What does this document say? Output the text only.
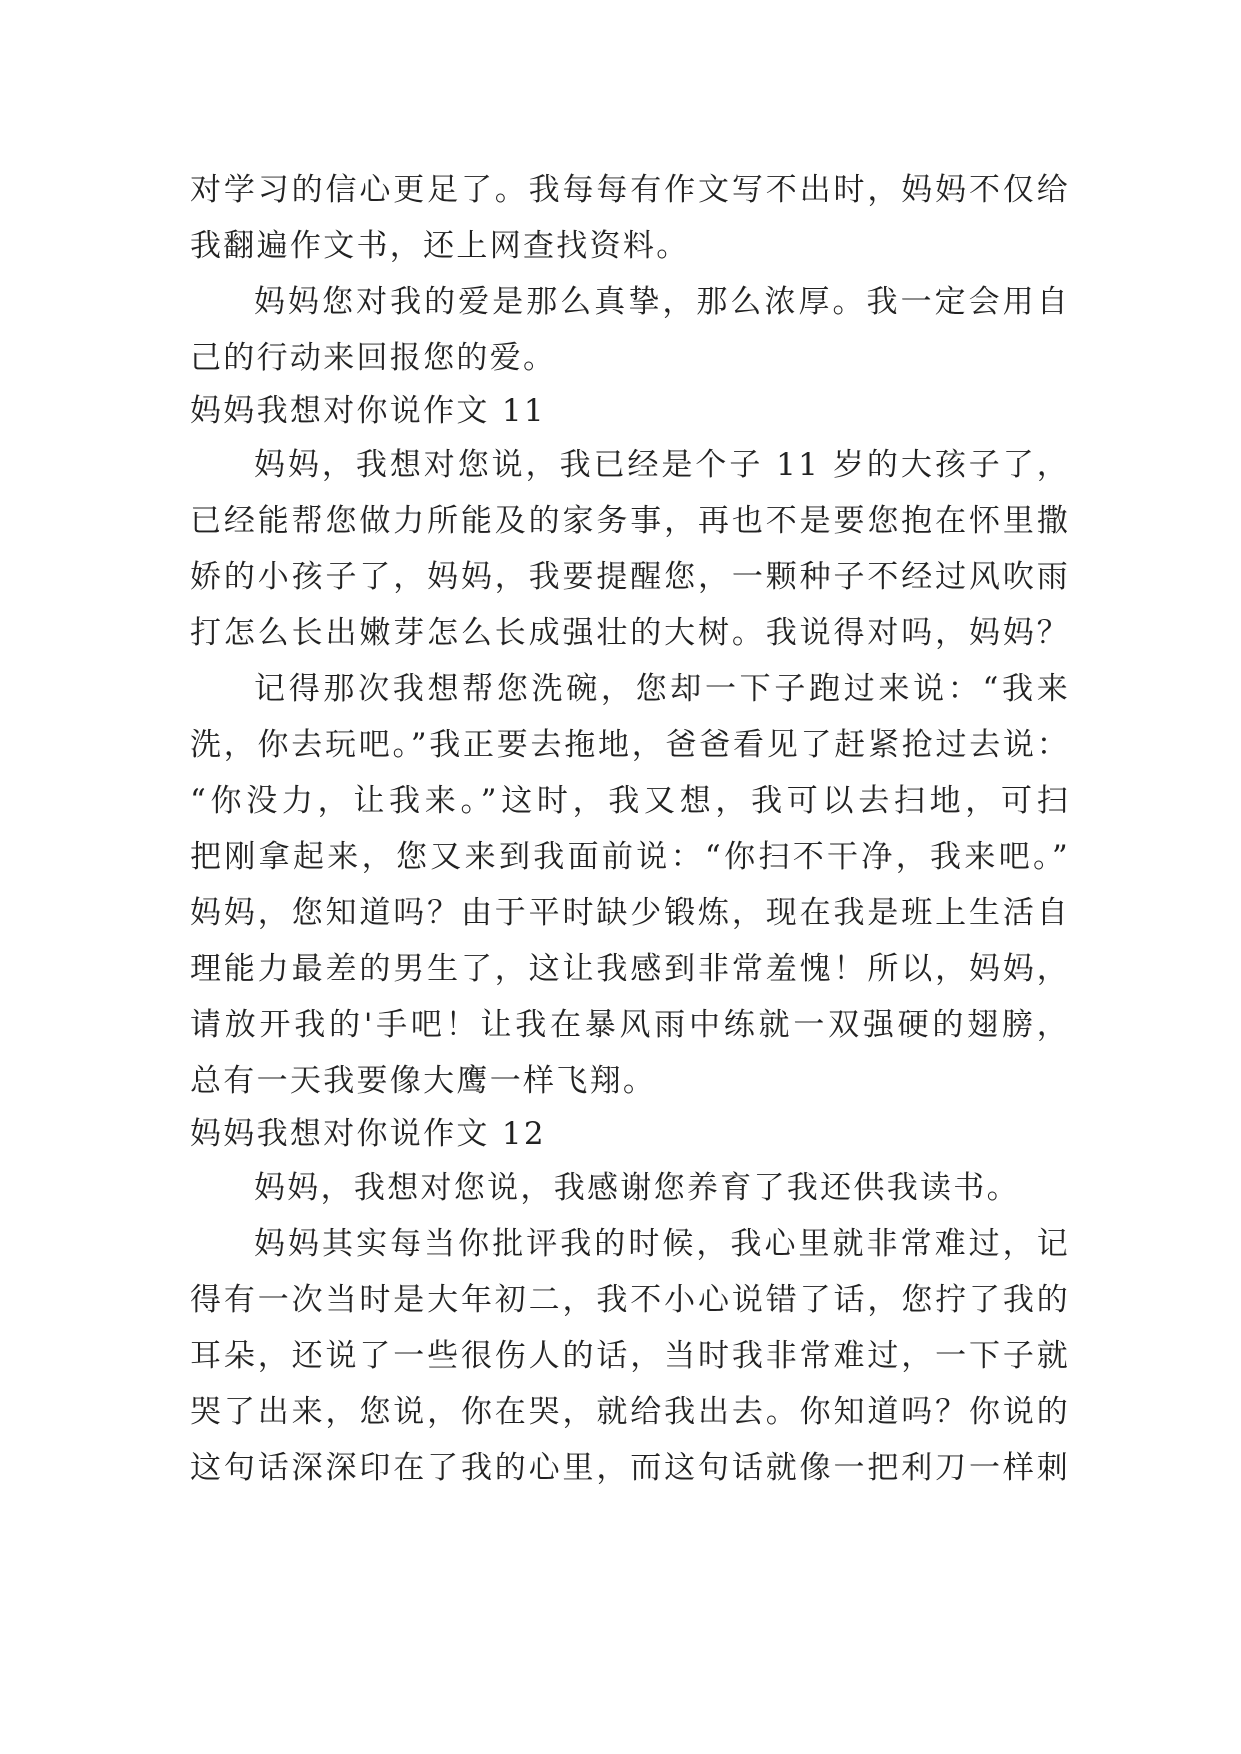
对学习的信心更足了。我每每有作文写不出时，妈妈不仅给
我翻遍作文书，还上网查找资料。
妈妈您对我的爱是那么真挚，那么浓厚。我一定会用自
己的行动来回报您的爱。
妈妈我想对你说作文 11
妈妈，我想对您说，我已经是个子 11 岁的大孩子了，
已经能帮您做力所能及的家务事，再也不是要您抱在怀里撒
娇的小孩子了，妈妈，我要提醒您，一颗种子不经过风吹雨
打怎么长出嫩芽怎么长成强壮的大树。我说得对吗，妈妈？
记得那次我想帮您洗碗，您却一下子跑过来说：“我来
洗，你去玩吧。”我正要去拖地，爸爸看见了赶紧抢过去说：
“你没力，让我来。”这时，我又想，我可以去扫地，可扫
把刚拿起来，您又来到我面前说：“你扫不干净，我来吧。”
妈妈，您知道吗？由于平时缺少锻炼，现在我是班上生活自
理能力最差的男生了，这让我感到非常羞愧！所以，妈妈，
请放开我的'手吧！让我在暴风雨中练就一双强硬的翅膀，
总有一天我要像大鹰一样飞翔。
妈妈我想对你说作文 12
妈妈，我想对您说，我感谢您养育了我还供我读书。
妈妈其实每当你批评我的时候，我心里就非常难过，记
得有一次当时是大年初二，我不小心说错了话，您拧了我的
耳朵，还说了一些很伤人的话，当时我非常难过，一下子就
哭了出来，您说，你在哭，就给我出去。你知道吗？你说的
这句话深深印在了我的心里，而这句话就像一把利刀一样刺
